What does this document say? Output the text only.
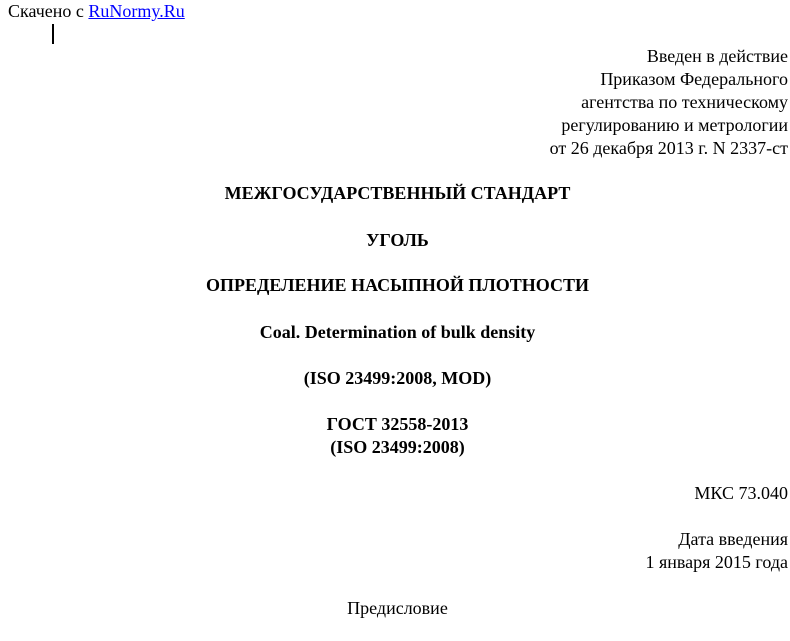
Скачено с RuNormy.Ru
Введен в действие
Приказом Федерального
агентства по техническому
регулированию и метрологии
от 26 декабря 2013 г. N 2337-ст
МЕЖГОСУДАРСТВЕННЫЙ СТАНДАРТ
УГОЛЬ
ОПРЕДЕЛЕНИЕ НАСЫПНОЙ ПЛОТНОСТИ
Coal. Determination of bulk density
(ISO 23499:2008, MOD)
ГОСТ 32558-2013
(ISO 23499:2008)
МКС 73.040
Дата введения
1 января 2015 года
Предисловие
